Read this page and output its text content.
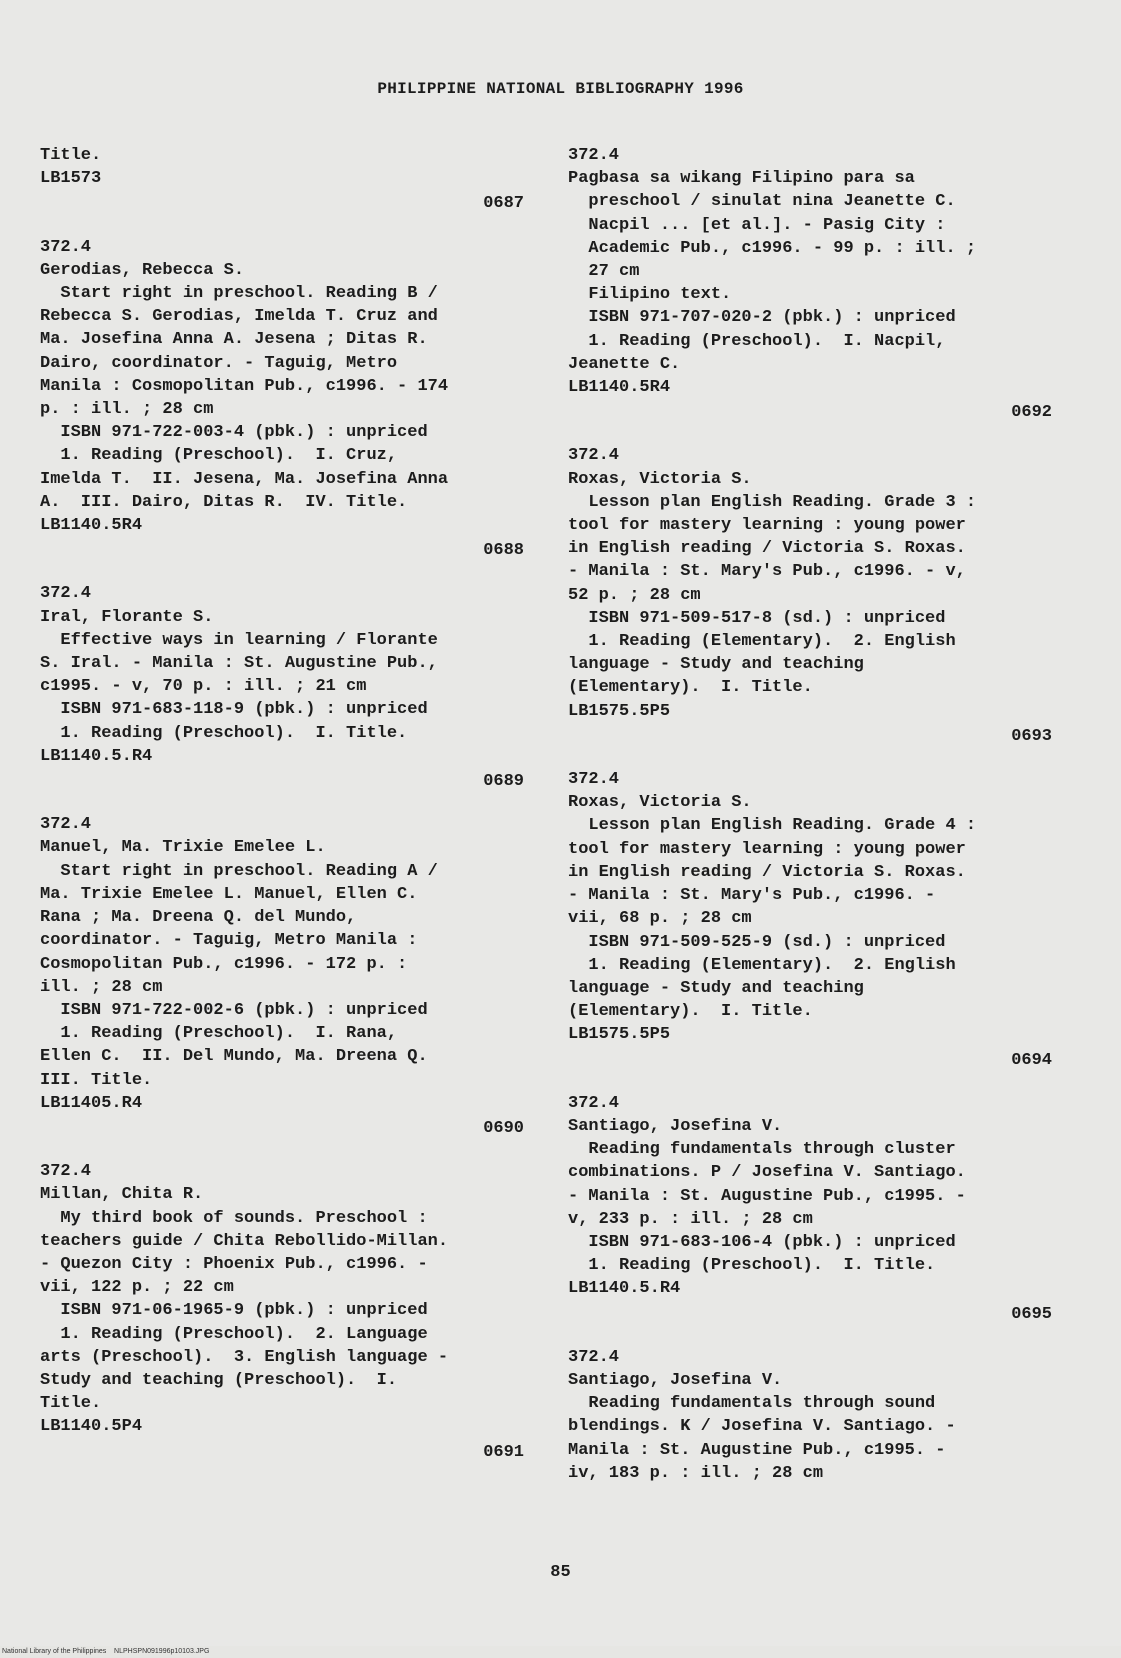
PHILIPPINE NATIONAL BIBLIOGRAPHY 1996
Title.
LB1573
0687
372.4
Gerodias, Rebecca S.
Start right in preschool. Reading B /
Rebecca S. Gerodias, Imelda T. Cruz and
Ma. Josefina Anna A. Jesena ; Ditas R.
Dairo, coordinator. - Taguig, Metro
Manila : Cosmopolitan Pub., c1996. - 174
p. : ill. ; 28 cm
ISBN 971-722-003-4 (pbk.) : unpriced
1. Reading (Preschool).  I. Cruz,
Imelda T.  II. Jesena, Ma. Josefina Anna
A.  III. Dairo, Ditas R.  IV. Title.
LB1140.5R4
0688
372.4
Iral, Florante S.
Effective ways in learning / Florante
S. Iral. - Manila : St. Augustine Pub.,
c1995. - v, 70 p. : ill. ; 21 cm
ISBN 971-683-118-9 (pbk.) : unpriced
1. Reading (Preschool).  I. Title.
LB1140.5.R4
0689
372.4
Manuel, Ma. Trixie Emelee L.
Start right in preschool. Reading A /
Ma. Trixie Emelee L. Manuel, Ellen C.
Rana ; Ma. Dreena Q. del Mundo,
coordinator. - Taguig, Metro Manila :
Cosmopolitan Pub., c1996. - 172 p. :
ill. ; 28 cm
ISBN 971-722-002-6 (pbk.) : unpriced
1. Reading (Preschool).  I. Rana,
Ellen C.  II. Del Mundo, Ma. Dreena Q.
III. Title.
LB11405.R4
0690
372.4
Millan, Chita R.
My third book of sounds. Preschool :
teachers guide / Chita Rebollido-Millan.
- Quezon City : Phoenix Pub., c1996. -
vii, 122 p. ; 22 cm
ISBN 971-06-1965-9 (pbk.) : unpriced
1. Reading (Preschool).  2. Language
arts (Preschool).  3. English language -
Study and teaching (Preschool).  I.
Title.
LB1140.5P4
0691
372.4
Pagbasa sa wikang Filipino para sa
preschool / sinulat nina Jeanette C.
Nacpil ... [et al.]. - Pasig City :
Academic Pub., c1996. - 99 p. : ill. ;
27 cm
Filipino text.
ISBN 971-707-020-2 (pbk.) : unpriced
1. Reading (Preschool).  I. Nacpil,
Jeanette C.
LB1140.5R4
0692
372.4
Roxas, Victoria S.
Lesson plan English Reading. Grade 3 :
tool for mastery learning : young power
in English reading / Victoria S. Roxas.
- Manila : St. Mary's Pub., c1996. - v,
52 p. ; 28 cm
ISBN 971-509-517-8 (sd.) : unpriced
1. Reading (Elementary).  2. English
language - Study and teaching
(Elementary).  I. Title.
LB1575.5P5
0693
372.4
Roxas, Victoria S.
Lesson plan English Reading. Grade 4 :
tool for mastery learning : young power
in English reading / Victoria S. Roxas.
- Manila : St. Mary's Pub., c1996. -
vii, 68 p. ; 28 cm
ISBN 971-509-525-9 (sd.) : unpriced
1. Reading (Elementary).  2. English
language - Study and teaching
(Elementary).  I. Title.
LB1575.5P5
0694
372.4
Santiago, Josefina V.
Reading fundamentals through cluster
combinations. P / Josefina V. Santiago.
- Manila : St. Augustine Pub., c1995. -
v, 233 p. : ill. ; 28 cm
ISBN 971-683-106-4 (pbk.) : unpriced
1. Reading (Preschool).  I. Title.
LB1140.5.R4
0695
372.4
Santiago, Josefina V.
Reading fundamentals through sound
blendings. K / Josefina V. Santiago. -
Manila : St. Augustine Pub., c1995. -
iv, 183 p. : ill. ; 28 cm
85
National Library of the Philippines    NLPHSPN091996p10103.JPG
